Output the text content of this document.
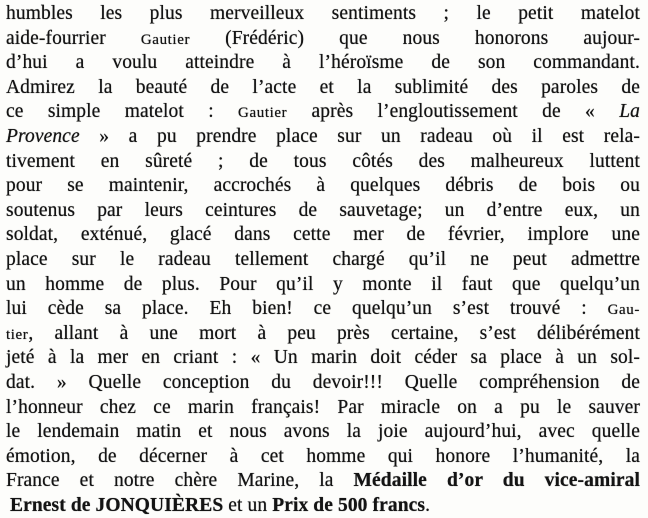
humbles les plus merveilleux sentiments ; le petit matelot
aide-fourrier Gautier (Frédéric) que nous honorons aujour-
d’hui a voulu atteindre à l’héroïsme de son commandant.
Admirez la beauté de l’acte et la sublimité des paroles de
ce simple matelot : Gautier après l’engloutissement de « La
Provence » a pu prendre place sur un radeau où il est rela-
tivement en sûreté ; de tous côtés des malheureux luttent
pour se maintenir, accrochés à quelques débris de bois ou
soutenus par leurs ceintures de sauvetage; un d’entre eux, un
soldat, exténué, glacé dans cette mer de février, implore une
place sur le radeau tellement chargé qu’il ne peut admettre
un homme de plus. Pour qu’il y monte il faut que quelqu’un
lui cède sa place. Eh bien! ce quelqu’un s’est trouvé : Gau-
tier, allant à une mort à peu près certaine, s’est délibérément
jeté à la mer en criant : « Un marin doit céder sa place à un sol-
dat. » Quelle conception du devoir!!! Quelle compréhension de
l’honneur chez ce marin français! Par miracle on a pu le sauver
le lendemain matin et nous avons la joie aujourd’hui, avec quelle
émotion, de décerner à cet homme qui honore l’humanité, la
France et notre chère Marine, la Médaille d’or du vice-amiral
Ernest de JONQUIÈRES et un Prix de 500 francs.
